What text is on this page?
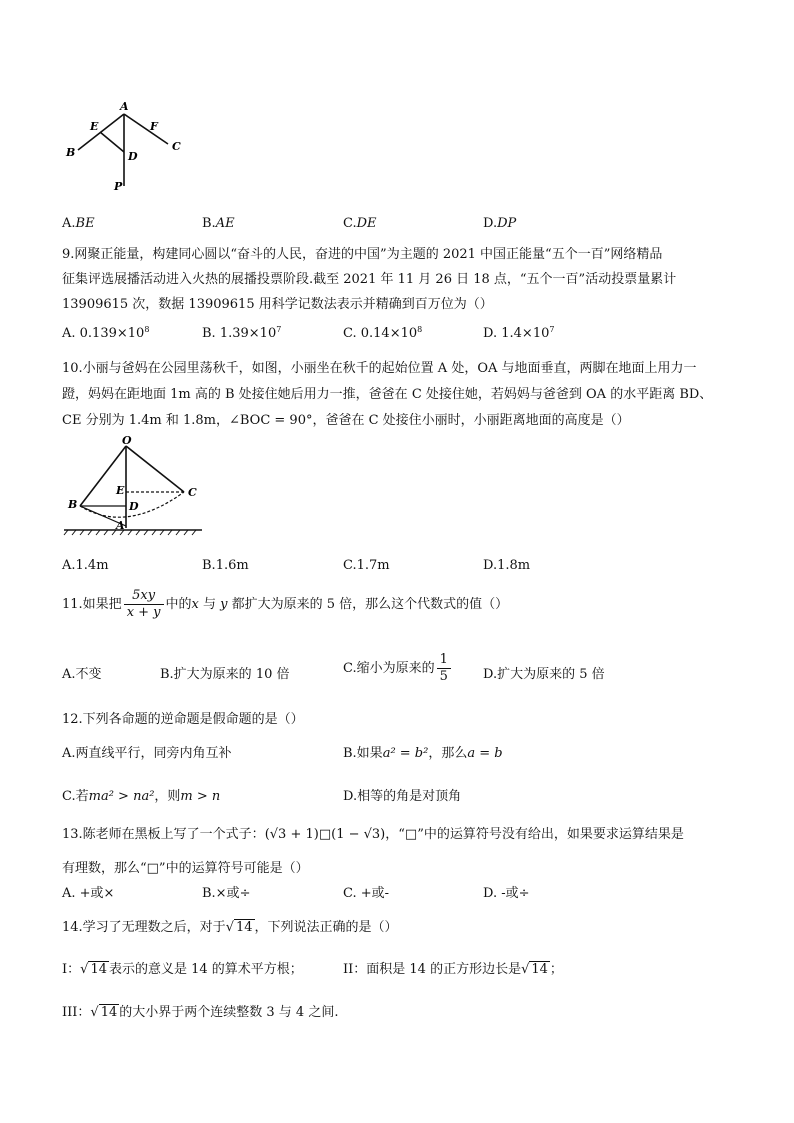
A
E
B	D
F
C
P
A.BE	B.AE	C.DE	D.DP
9.网聚正能量，构建同心圆以“奋斗的人民，奋进的中国”为主题的 2021 中国正能量“五个一百”网络精品
征集评选展播活动进入火热的展播投票阶段.截至 2021 年 11 月 26 日 18 点，“五个一百”活动投票量累计
13909615 次，数据 13909615 用科学记数法表示并精确到百万位为（）
A. $0.139\times 10^8$	B. $1.39\times 10^7$	C. $0.14\times 10^8$	D. $1.4\times 10^7$
10.小丽与爸妈在公园里荡秋千，如图，小丽坐在秋千的起始位置 A 处，OA 与地面垂直，两脚在地面上用力一
蹬，妈妈在距地面 1m 高的 B 处接住她后用力一推，爸爸在 C 处接住她，若妈妈与爸爸到 OA 的水平距离 BD、
CE 分别为 1.4m 和 1.8m，∠BOC = 90°，爸爸在 C 处接住小丽时，小丽距离地面的高度是（）
O
E	C
B	D
A
A.1.4m	B.1.6m	C.1.7m	D.1.8m
11.如果把 $\frac{5xy}{x + y}$ 中的x 与 y 都扩大为原来的 5 倍，那么这个代数式的值（）
A.不变	B.扩大为原来的 10 倍	C.缩小为原来的 $\frac{1}{5} D$.扩大为原来的 5 倍
12.下列各命题的逆命题是假命题的是（）
A.两直线平行，同旁内角互补	B.如果a² = b²，那么a = b
C.若ma² > na²，则m > n	D.相等的角是对顶角
13.陈老师在黑板上写了一个式子：(√3 + 1)□(1 − √3)，“□”中的运算符号没有给出，如果要求运算结果是
有理数，那么“□”中的运算符号可能是（）
A. +或×	B.×或÷	C. +或-	D. -或÷
14.学习了无理数之后，对于√ 14 ，下列说法正确的是（）
I：√ 14 表示的意义是 14 的算术平方根；	II：面积是 14 的正方形边长是√ 14 ；
III：√ 14 的大小界于两个连续整数 3 与 4 之间.
